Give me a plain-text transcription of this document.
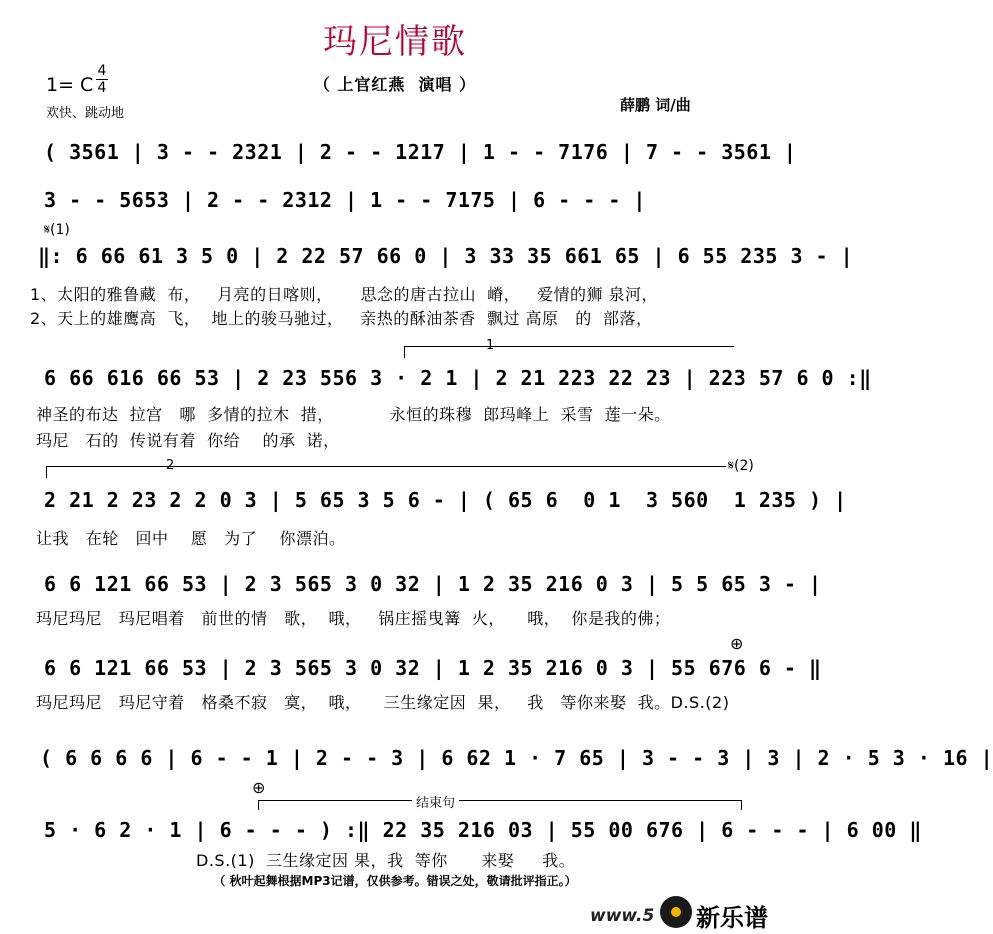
玛尼情歌
（ 上官红燕  演唱 ）
薛鹏 词/曲
1= C
4
4
欢快、跳动地
( 3561 | 3 - - 2321 | 2 - - 1217 | 1 - - 7176 | 7 - - 3561 |
3 - - 5653 | 2 - - 2312 | 1 - - 7175 | 6 - - - |
𝄋(1)
‖: 6 66 61 3 5 0 | 2 22 57 66 0 | 3 33 35 661 65 | 6 55 235 3 - |
1、太阳的雅鲁藏  布，   月亮的日喀则，     思念的唐古拉山  嵴，   爱情的狮 泉河，
2、天上的雄鹰高  飞，  地上的骏马驰过，   亲热的酥油茶香  飘过 高原   的  部落，
1
6 66 616 66 53 | 2 23 556 3 · 2 1 | 2 21 223 22 23 | 223 57 6 0 :‖
神圣的布达  拉宫   哪  多情的拉木  措，          永恒的珠穆  郎玛峰上  采雪  莲一朵。
玛尼   石的  传说有着  你给    的承  诺，
2	𝄋(2)
2 21 2 23 2 2 0 3 | 5 65 3 5 6 - | ( 65 6  0 1  3 560  1 235 ) |
让我   在轮   回中    愿   为了    你漂泊。
6 6 121 66 53 | 2 3 565 3 0 32 | 1 2 35 216 0 3 | 5 5 65 3 - |
玛尼玛尼   玛尼唱着   前世的情   歌，  哦，   锅庄摇曳篝  火，    哦，  你是我的佛；
⊕
6 6 121 66 53 | 2 3 565 3 0 32 | 1 2 35 216 0 3 | 55 676 6 - ‖
玛尼玛尼   玛尼守着   格桑不寂   寞，  哦，    三生缘定因  果，   我   等你来娶  我。D.S.(2)
( 6 6 6 6 | 6 - - 1 | 2 - - 3 | 6 62 1 · 7 65 | 3 - - 3 | 3 | 2 · 5 3 · 16 |
⊕
结束句
5 · 6 2 · 1 | 6 - - - ) :‖ 22 35 216 03 | 55 00 676 | 6 - - - | 6 00 ‖
D.S.(1)  三生缘定因 果，我  等你      来娶     我。
（ 秋叶起舞根据MP3记谱，仅供参考。错误之处，敬请批评指正。）
www.5 新乐谱
